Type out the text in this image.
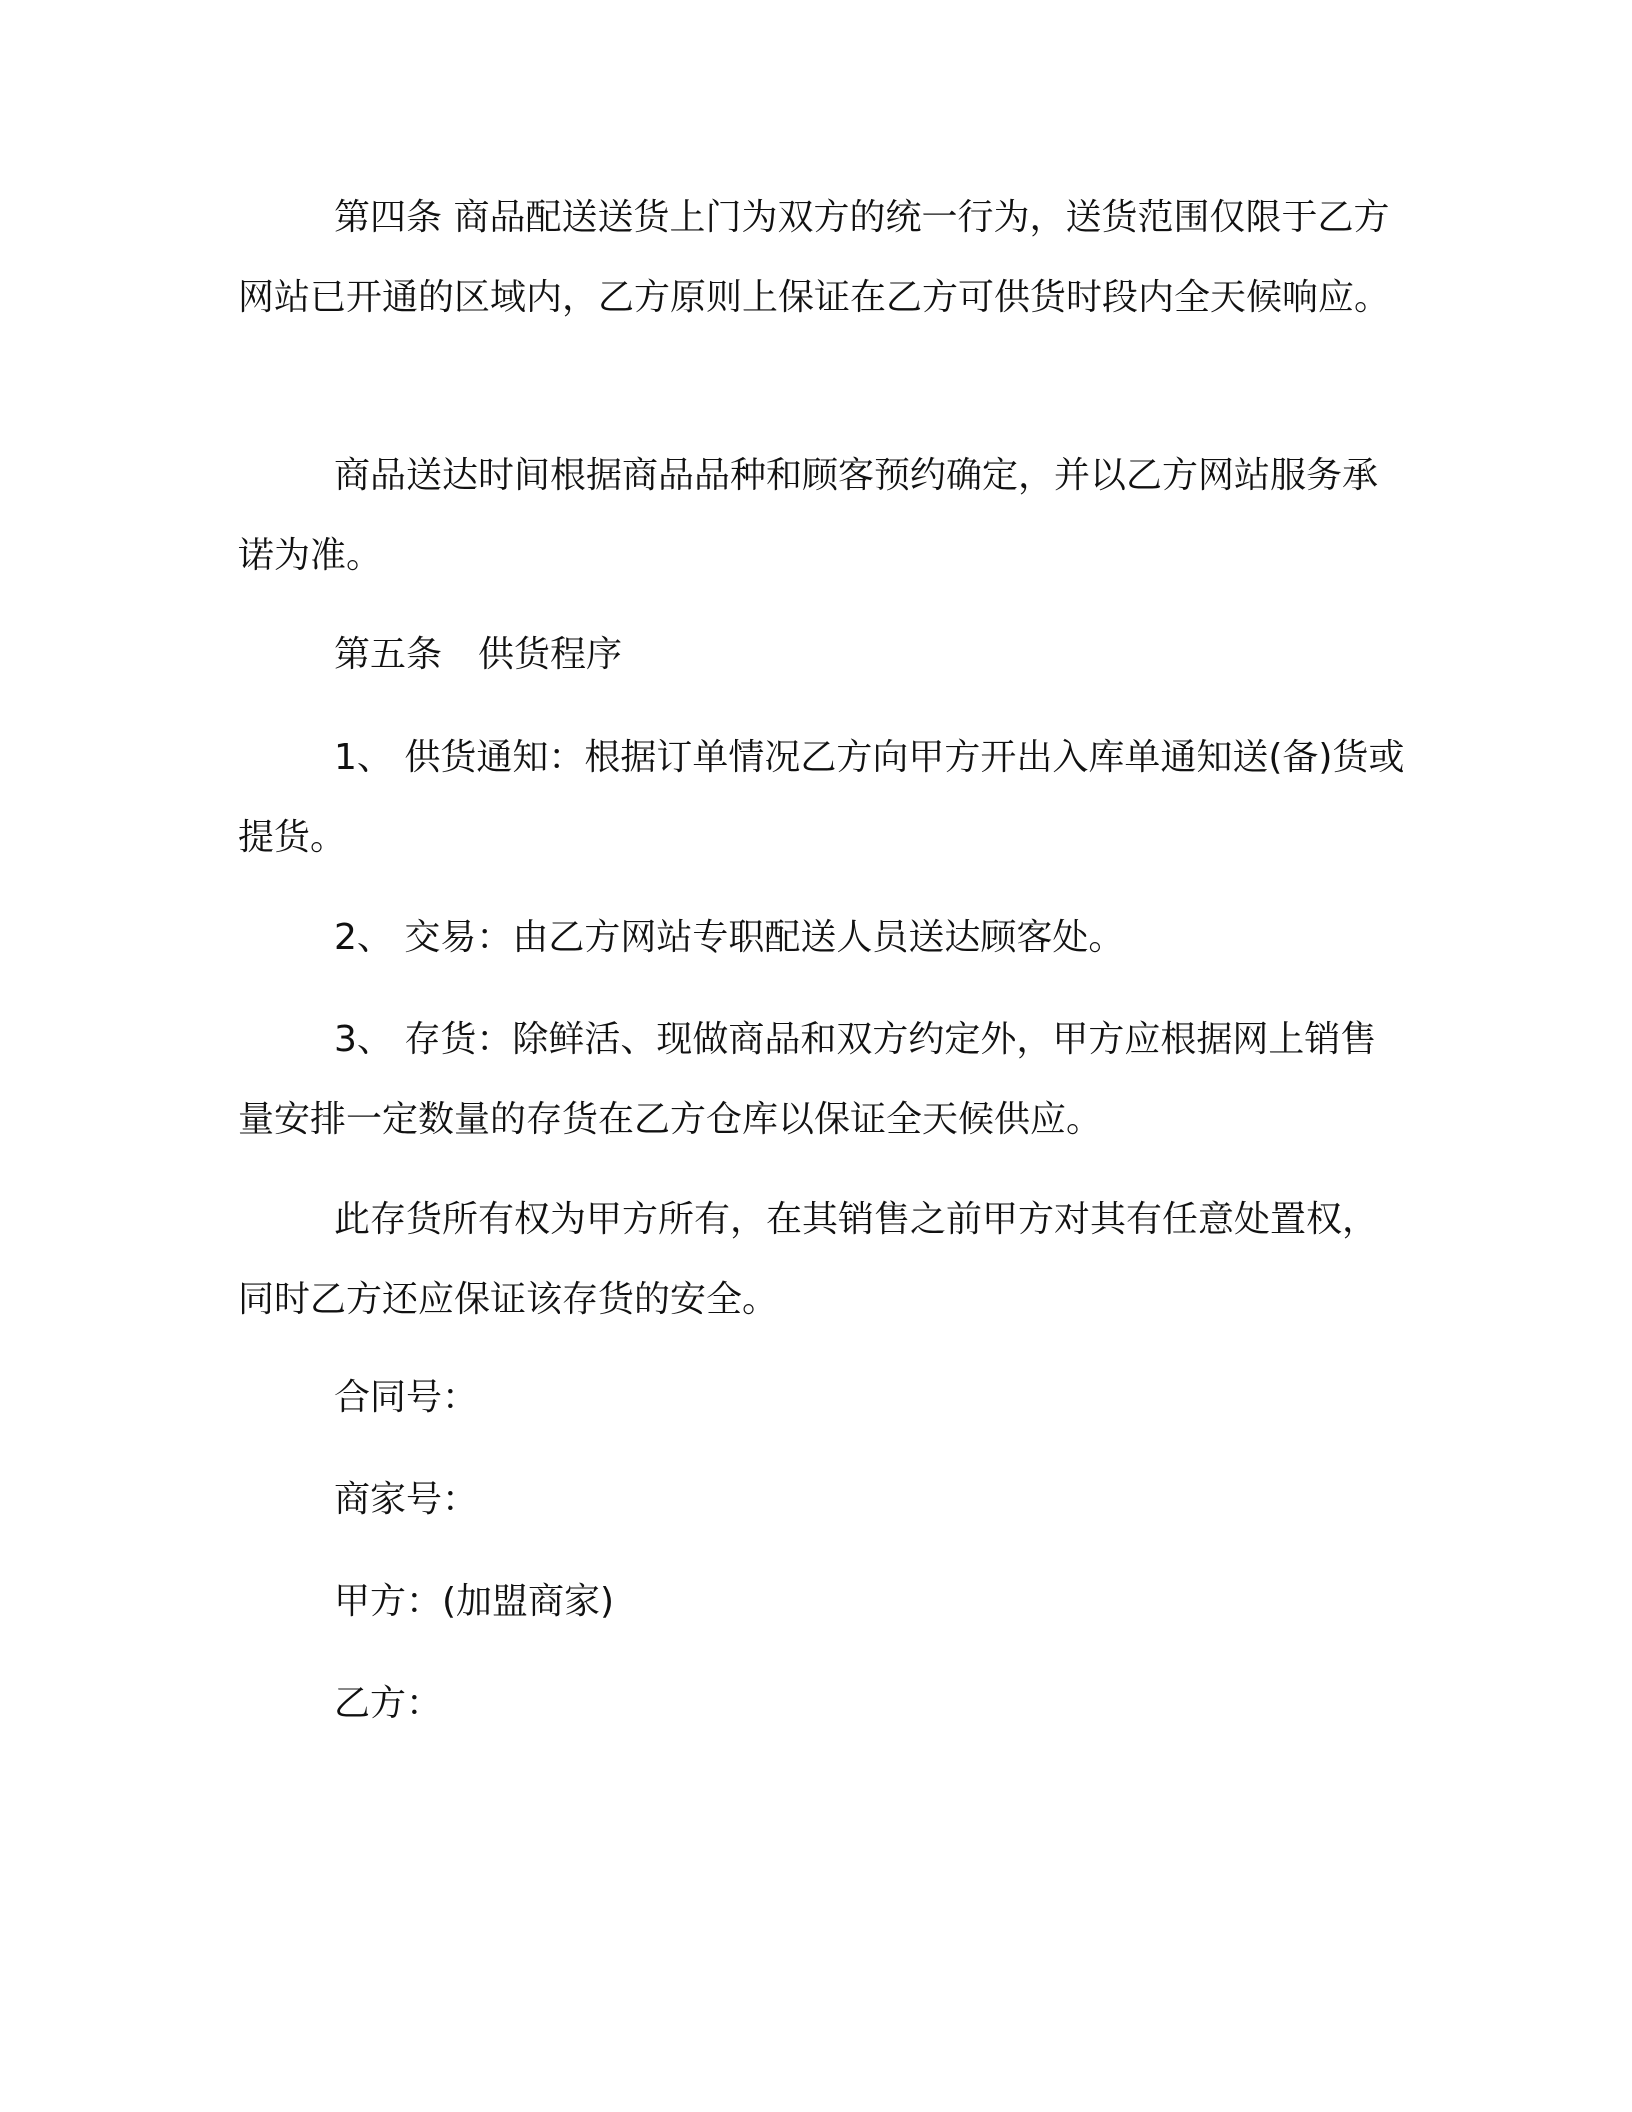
第四条 商品配送送货上门为双方的统一行为，送货范围仅限于乙方网站已开通的区域内，乙方原则上保证在乙方可供货时段内全天候响应。

商品送达时间根据商品品种和顾客预约确定，并以乙方网站服务承诺为准。

第五条 供货程序

1、 供货通知：根据订单情况乙方向甲方开出入库单通知送(备)货或提货。

2、 交易：由乙方网站专职配送人员送达顾客处。

3、 存货：除鲜活、现做商品和双方约定外，甲方应根据网上销售量安排一定数量的存货在乙方仓库以保证全天候供应。

此存货所有权为甲方所有，在其销售之前甲方对其有任意处置权，同时乙方还应保证该存货的安全。

合同号：

商家号：

甲方：(加盟商家)

乙方：
